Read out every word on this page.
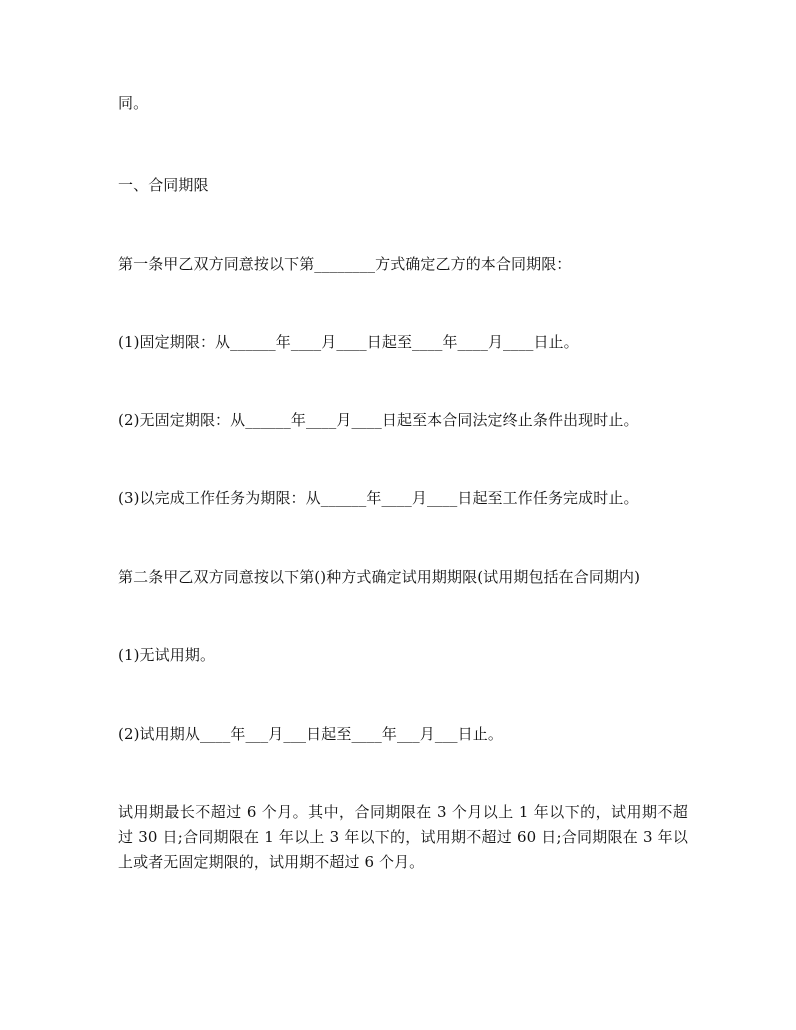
同。

一、合同期限

第一条甲乙双方同意按以下第________方式确定乙方的本合同期限：

(1)固定期限：从______年____月____日起至____年____月____日止。

(2)无固定期限：从______年____月____日起至本合同法定终止条件出现时止。

(3)以完成工作任务为期限：从______年____月____日起至工作任务完成时止。

第二条甲乙双方同意按以下第()种方式确定试用期期限(试用期包括在合同期内)

(1)无试用期。

(2)试用期从____年___月___日起至____年___月___日止。

试用期最长不超过 6 个月。其中，合同期限在 3 个月以上 1 年以下的，试用期不超过 30 日;合同期限在 1 年以上 3 年以下的，试用期不超过 60 日;合同期限在 3 年以上或者无固定期限的，试用期不超过 6 个月。
